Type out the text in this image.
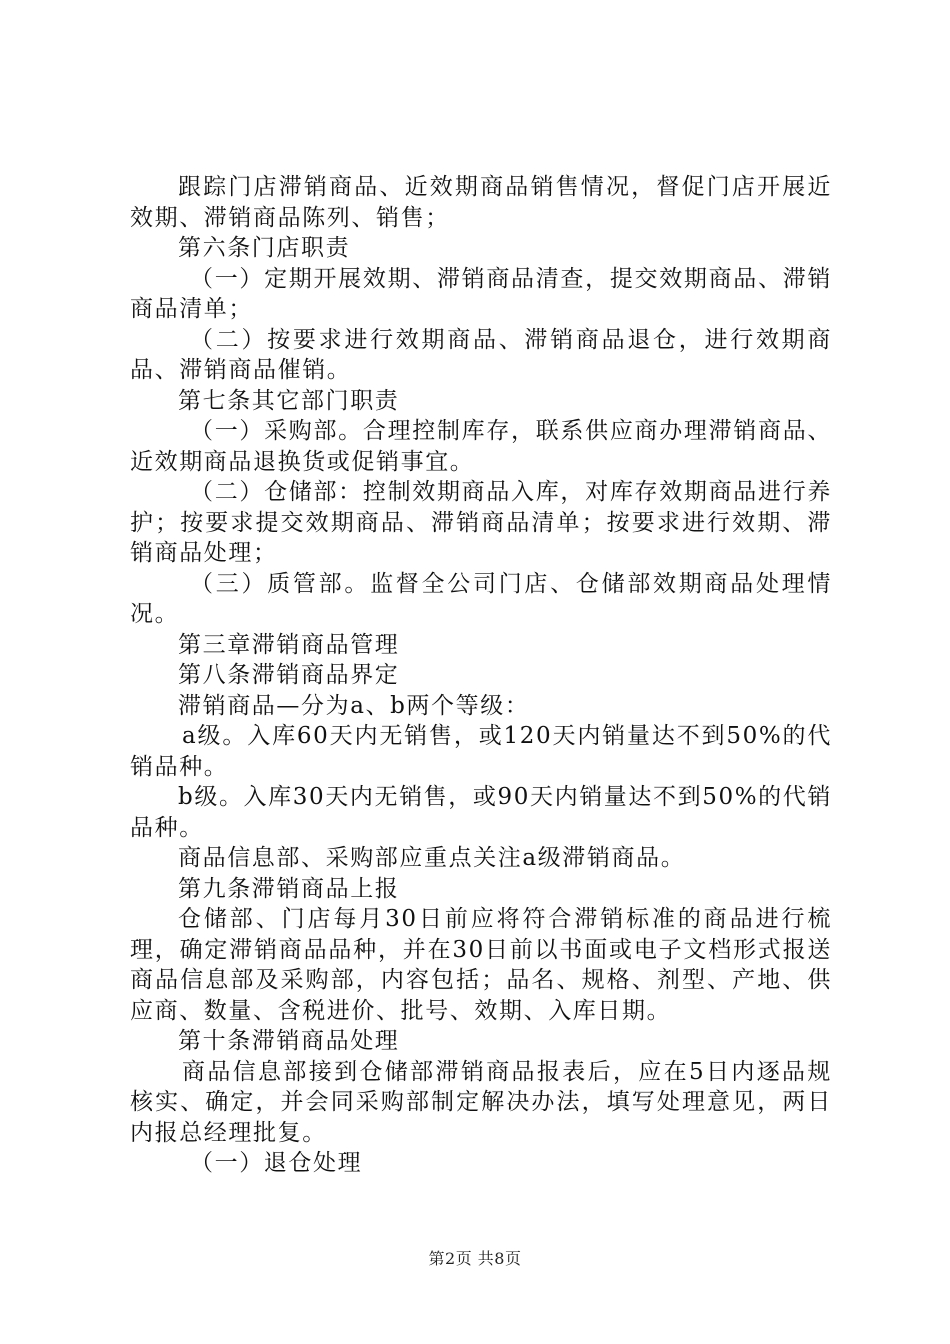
跟踪门店滞销商品、近效期商品销售情况，督促门店开展近效期、滞销商品陈列、销售；

第六条门店职责

（一）定期开展效期、滞销商品清查，提交效期商品、滞销商品清单；

（二）按要求进行效期商品、滞销商品退仓，进行效期商品、滞销商品催销。

第七条其它部门职责

（一）采购部。合理控制库存，联系供应商办理滞销商品、近效期商品退换货或促销事宜。

（二）仓储部：控制效期商品入库，对库存效期商品进行养护；按要求提交效期商品、滞销商品清单；按要求进行效期、滞销商品处理；

（三）质管部。监督全公司门店、仓储部效期商品处理情况。

第三章滞销商品管理

第八条滞销商品界定

滞销商品—分为a、b两个等级：

a级。入库60天内无销售，或120天内销量达不到50%的代销品种。

b级。入库30天内无销售，或90天内销量达不到50%的代销品种。

商品信息部、采购部应重点关注a级滞销商品。

第九条滞销商品上报

仓储部、门店每月30日前应将符合滞销标准的商品进行梳理，确定滞销商品品种，并在30日前以书面或电子文档形式报送商品信息部及采购部，内容包括；品名、规格、剂型、产地、供应商、数量、含税进价、批号、效期、入库日期。

第十条滞销商品处理

商品信息部接到仓储部滞销商品报表后，应在5日内逐品规核实、确定，并会同采购部制定解决办法，填写处理意见，两日内报总经理批复。

（一）退仓处理

第2页 共8页
